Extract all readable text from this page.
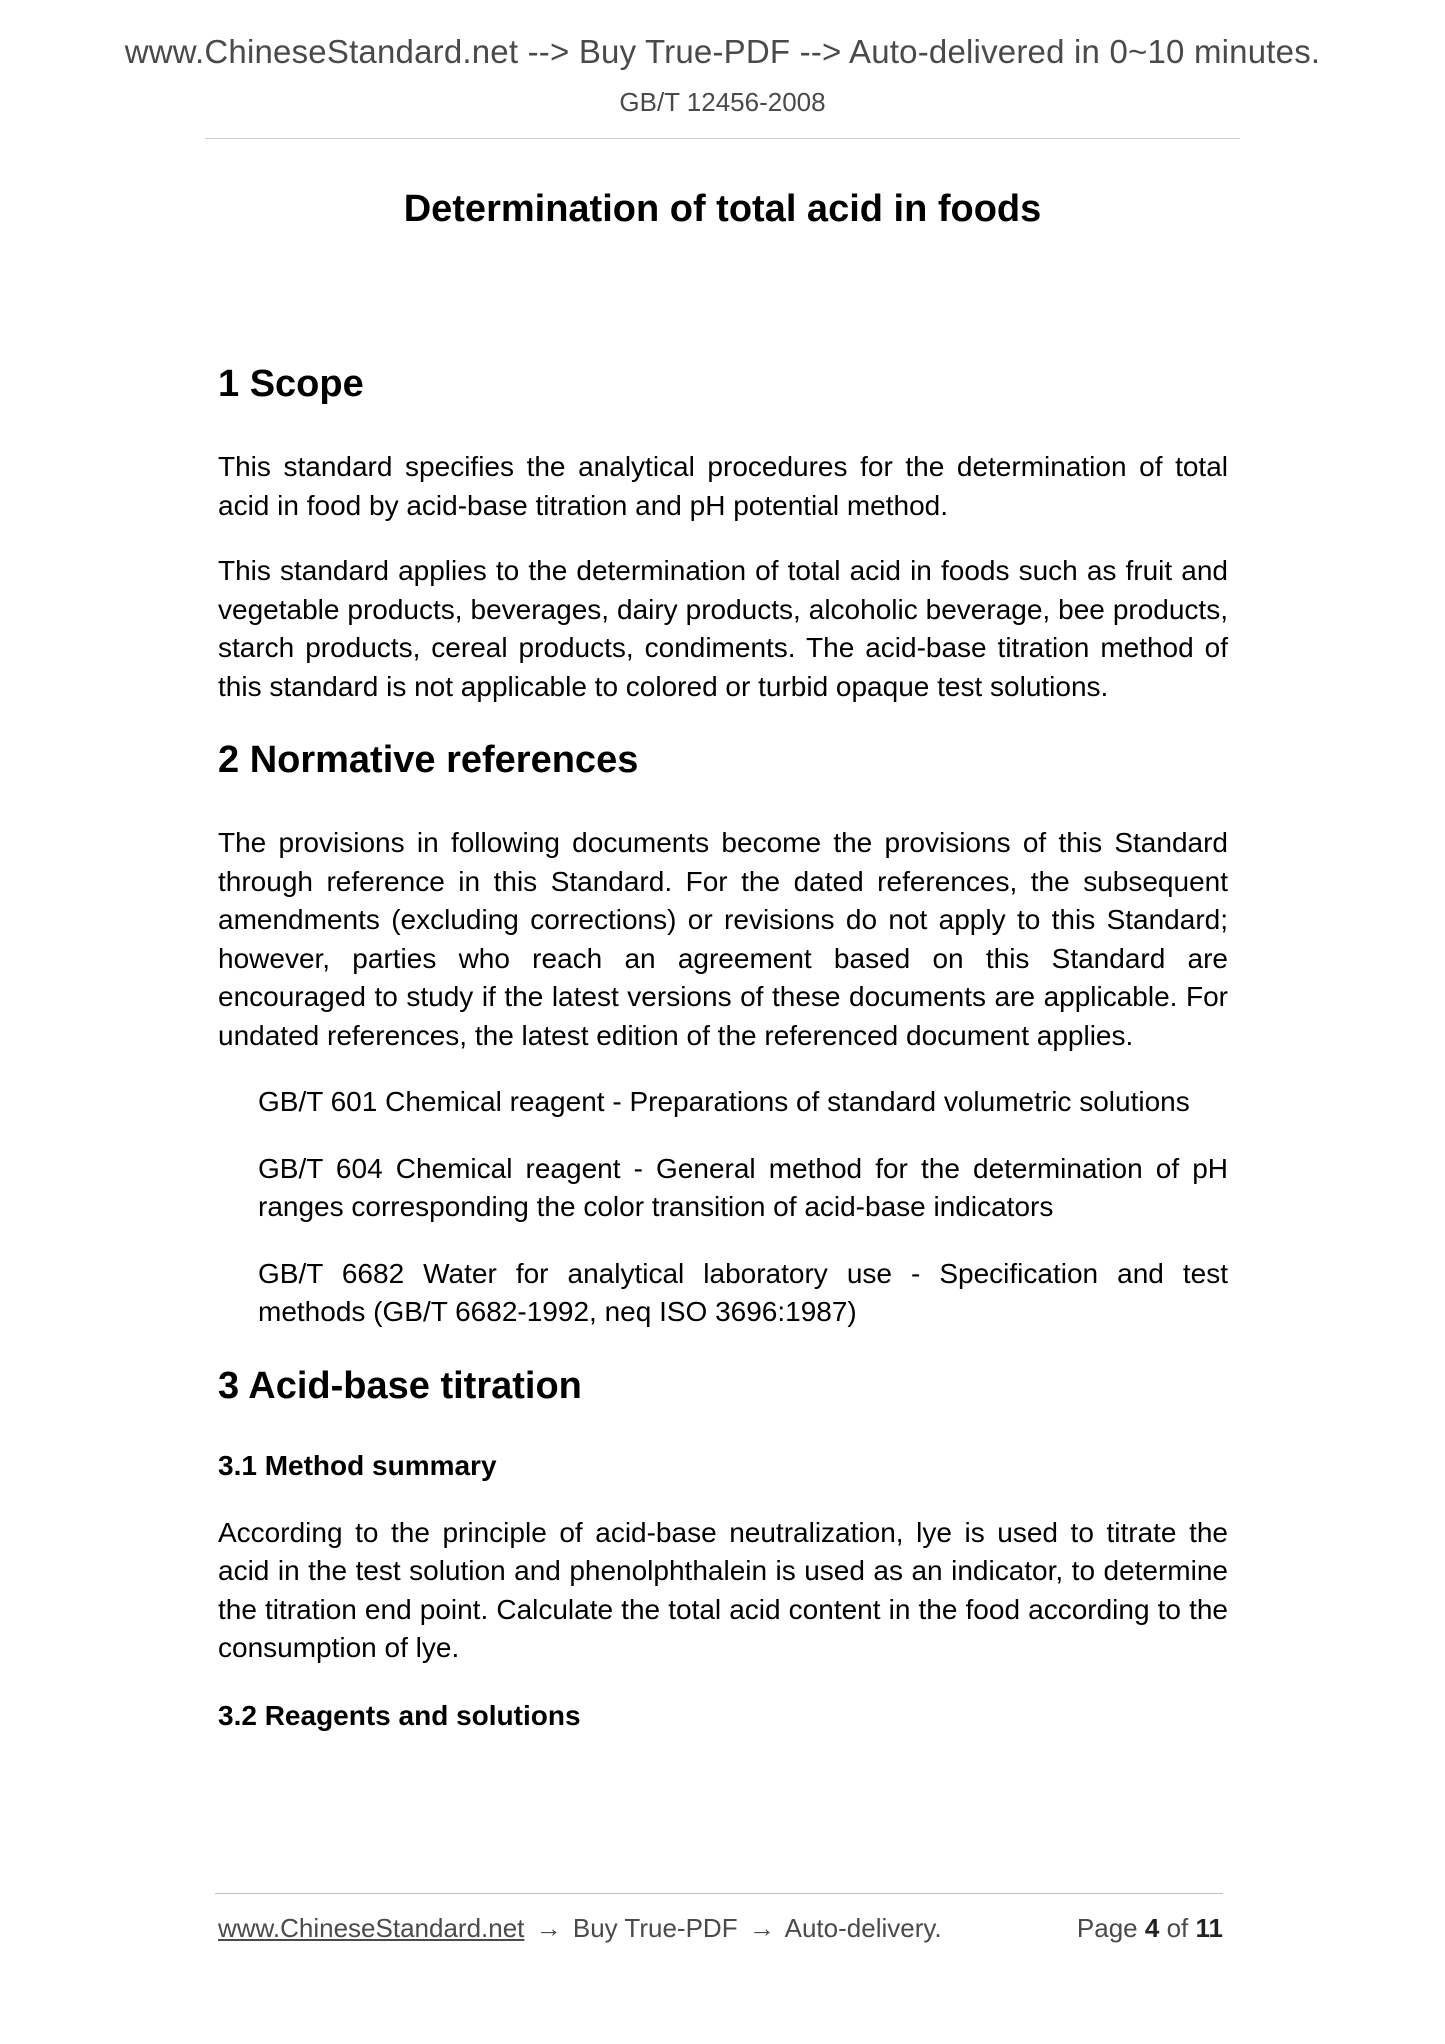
www.ChineseStandard.net --> Buy True-PDF --> Auto-delivered in 0~10 minutes.
GB/T 12456-2008
Determination of total acid in foods
1 Scope

This standard specifies the analytical procedures for the determination of total acid in food by acid-base titration and pH potential method.

This standard applies to the determination of total acid in foods such as fruit and vegetable products, beverages, dairy products, alcoholic beverage, bee products, starch products, cereal products, condiments. The acid-base titration method of this standard is not applicable to colored or turbid opaque test solutions.

2 Normative references

The provisions in following documents become the provisions of this Standard through reference in this Standard. For the dated references, the subsequent amendments (excluding corrections) or revisions do not apply to this Standard; however, parties who reach an agreement based on this Standard are encouraged to study if the latest versions of these documents are applicable. For undated references, the latest edition of the referenced document applies.

GB/T 601 Chemical reagent - Preparations of standard volumetric solutions

GB/T 604 Chemical reagent - General method for the determination of pH ranges corresponding the color transition of acid-base indicators

GB/T 6682 Water for analytical laboratory use - Specification and test methods (GB/T 6682-1992, neq ISO 3696:1987)

3 Acid-base titration
3.1 Method summary

According to the principle of acid-base neutralization, lye is used to titrate the acid in the test solution and phenolphthalein is used as an indicator, to determine the titration end point. Calculate the total acid content in the food according to the consumption of lye.

3.2 Reagents and solutions
www.ChineseStandard.net → Buy True-PDF → Auto-delivery.	Page 4 of 11
